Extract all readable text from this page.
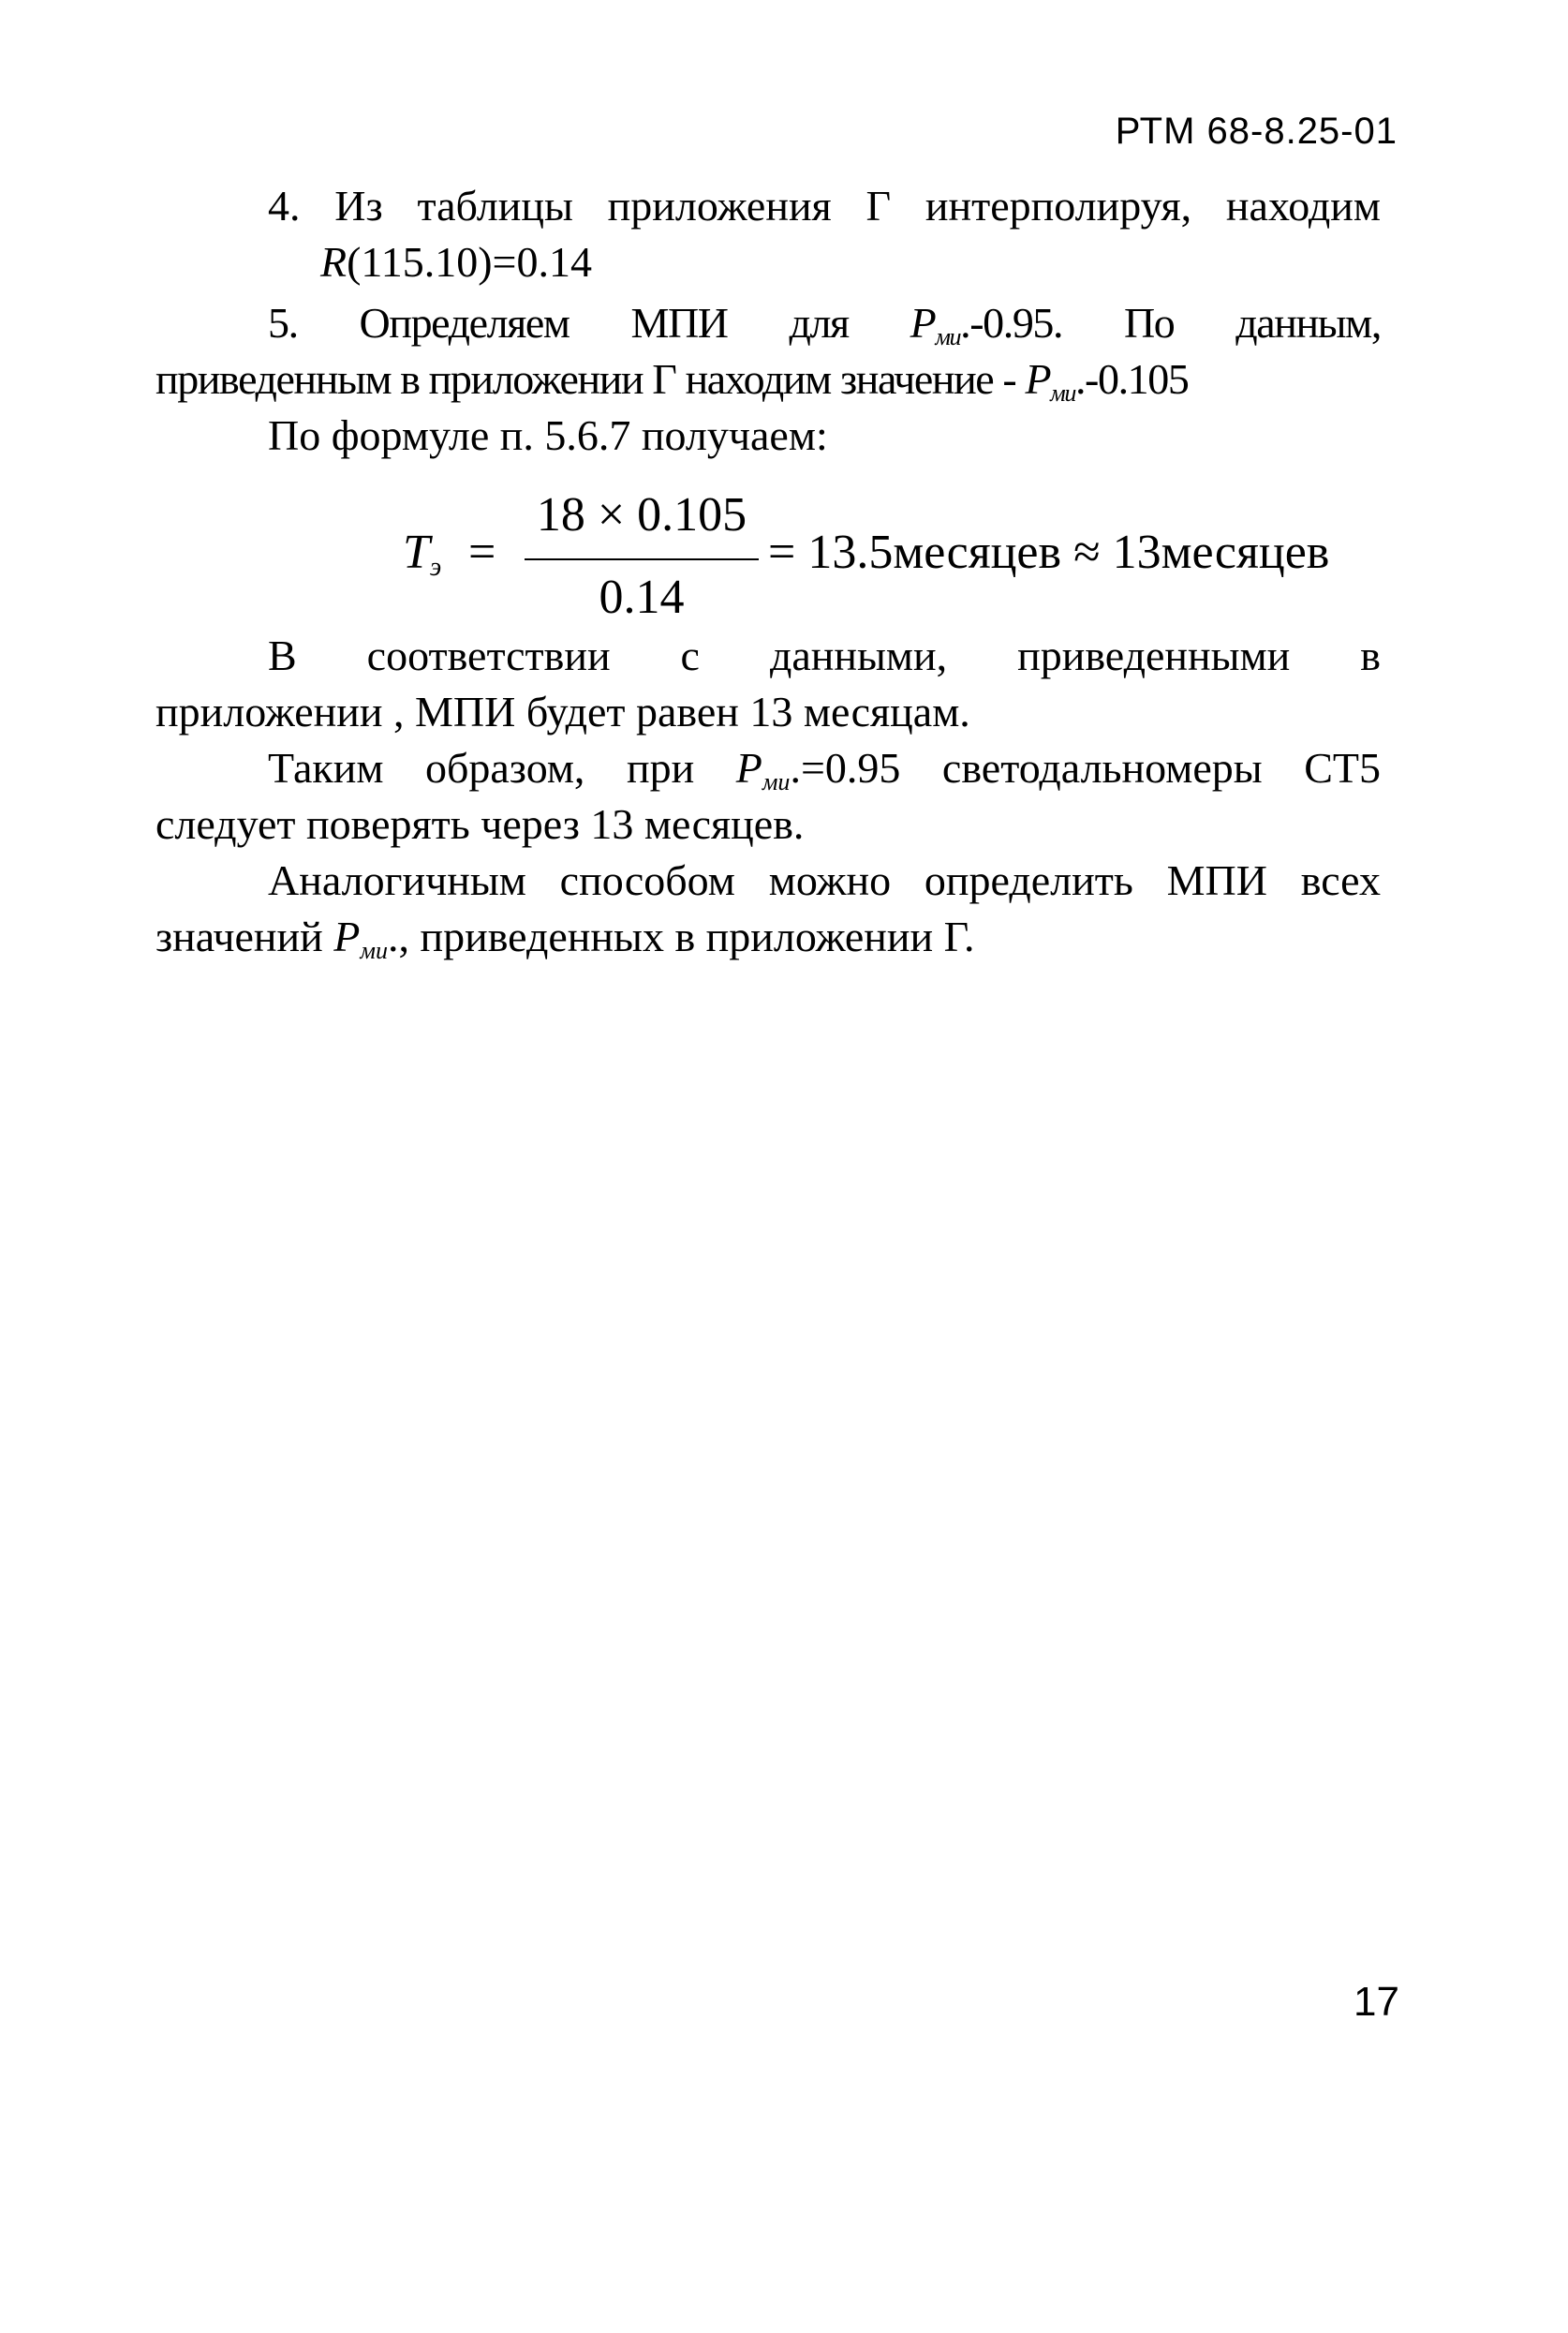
РТМ 68-8.25-01
4. Из таблицы приложения Г интерполируя, находим
R(115.10)=0.14
5. Определяем МПИ для $P_{ми}.-0.95$. По данным,
приведенным в приложении Г находим значение - $P_{ми}.-0.105$
По формуле п. 5.6.7 получаем:
$T_э$ =
18 × 0.105
0.14
= 13.5месяцев ≈ 13месяцев
В соответствии с данными, приведенными в
приложении , МПИ будет равен 13 месяцам.
Таким образом, при $P_{ми}.=0.95$ светодальномеры СТ5
следует поверять через 13 месяцев.
Аналогичным способом можно определить МПИ всех
значений $P_{ми}$., приведенных в приложении Г.
17
